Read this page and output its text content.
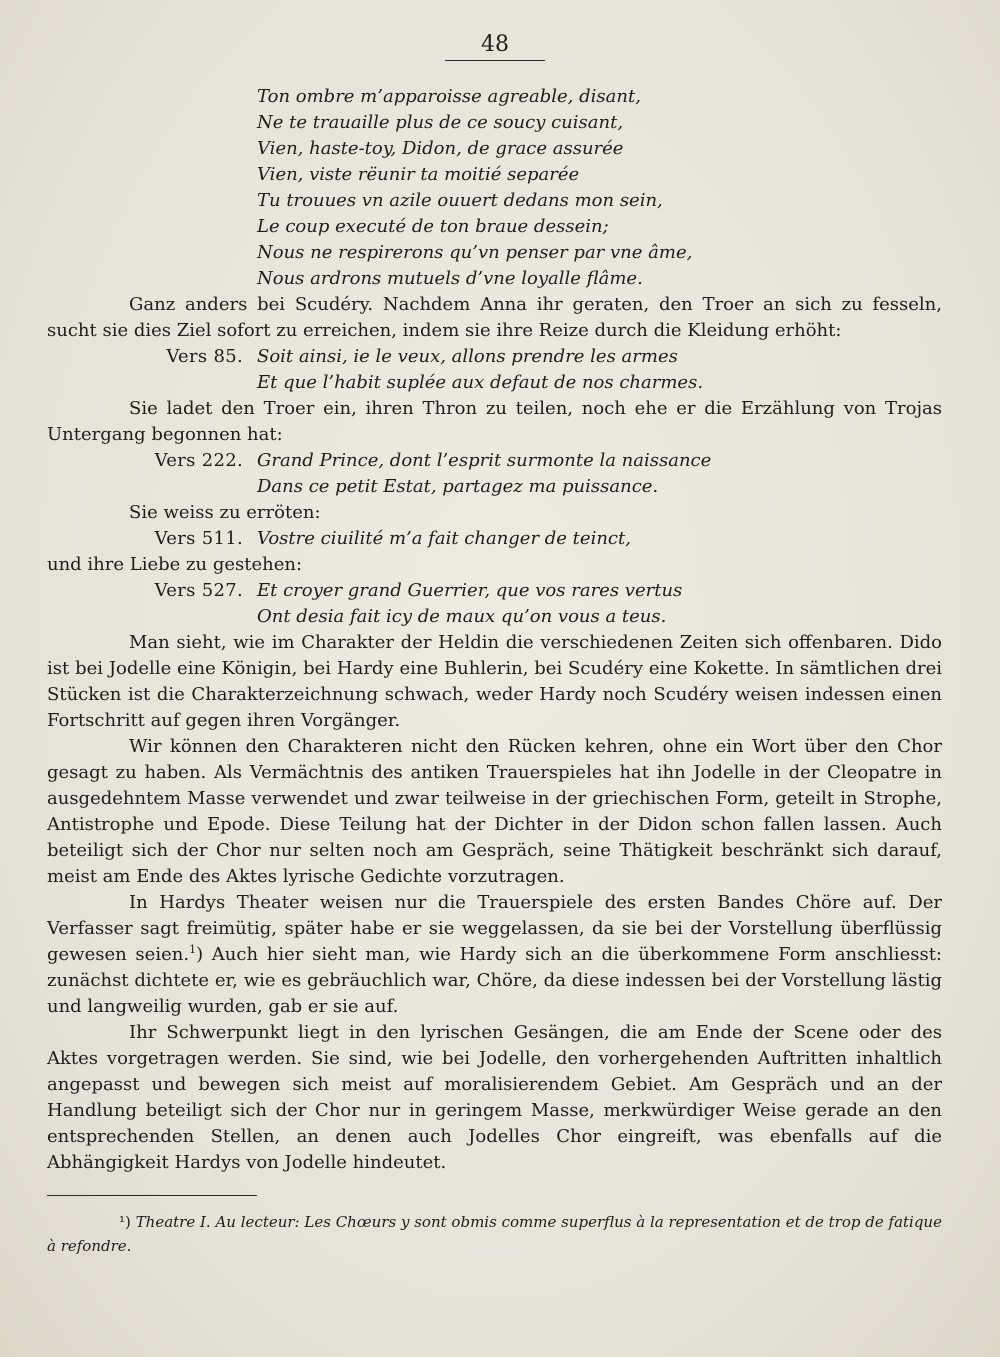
48
Ton ombre m’apparoisse agreable, disant,
Ne te trauaille plus de ce soucy cuisant,
Vien, haste-toy, Didon, de grace assurée
Vien, viste rëunir ta moitié separée
Tu trouues vn azile ouuert dedans mon sein,
Le coup executé de ton braue dessein;
Nous ne respirerons qu’vn penser par vne âme,
Nous ardrons mutuels d’vne loyalle flâme.

Ganz anders bei Scudéry. Nachdem Anna ihr geraten, den Troer an sich zu fesseln, sucht sie dies Ziel sofort zu erreichen, indem sie ihre Reize durch die Kleidung erhöht:

Vers 85. Soit ainsi, ie le veux, allons prendre les armes
Et que l’habit suplée aux defaut de nos charmes.

Sie ladet den Troer ein, ihren Thron zu teilen, noch ehe er die Erzählung von Trojas Untergang begonnen hat:

Vers 222. Grand Prince, dont l’esprit surmonte la naissance
Dans ce petit Estat, partagez ma puissance.
Sie weiss zu erröten:
Vers 511. Vostre ciuilité m’a fait changer de teinct,
und ihre Liebe zu gestehen:
Vers 527. Et croyer grand Guerrier, que vos rares vertus
Ont desia fait icy de maux qu’on vous a teus.

Man sieht, wie im Charakter der Heldin die verschiedenen Zeiten sich offenbaren. Dido ist bei Jodelle eine Königin, bei Hardy eine Buhlerin, bei Scudéry eine Kokette. In sämtlichen drei Stücken ist die Charakterzeichnung schwach, weder Hardy noch Scudéry weisen indessen einen Fortschritt auf gegen ihren Vorgänger.

Wir können den Charakteren nicht den Rücken kehren, ohne ein Wort über den Chor gesagt zu haben. Als Vermächtnis des antiken Trauerspieles hat ihn Jodelle in der Cleopatre in ausgedehntem Masse verwendet und zwar teilweise in der griechischen Form, geteilt in Strophe, Antistrophe und Epode. Diese Teilung hat der Dichter in der Didon schon fallen lassen. Auch beteiligt sich der Chor nur selten noch am Gespräch, seine Thätigkeit beschränkt sich darauf, meist am Ende des Aktes lyrische Gedichte vorzutragen.

In Hardys Theater weisen nur die Trauerspiele des ersten Bandes Chöre auf. Der Verfasser sagt freimütig, später habe er sie weggelassen, da sie bei der Vorstellung überflüssig gewesen seien.$^1$) Auch hier sieht man, wie Hardy sich an die überkommene Form anschliesst: zunächst dichtete er, wie es gebräuchlich war, Chöre, da diese indessen bei der Vorstellung lästig und langweilig wurden, gab er sie auf.

Ihr Schwerpunkt liegt in den lyrischen Gesängen, die am Ende der Scene oder des Aktes vorgetragen werden. Sie sind, wie bei Jodelle, den vorhergehenden Auftritten inhaltlich angepasst und bewegen sich meist auf moralisierendem Gebiet. Am Gespräch und an der Handlung beteiligt sich der Chor nur in geringem Masse, merkwürdiger Weise gerade an den entsprechenden Stellen, an denen auch Jodelles Chor eingreift, was ebenfalls auf die Abhängigkeit Hardys von Jodelle hindeutet.

¹) Theatre I. Au lecteur: Les Chœurs y sont obmis comme superflus à la representation et de trop de fatique à refondre.
